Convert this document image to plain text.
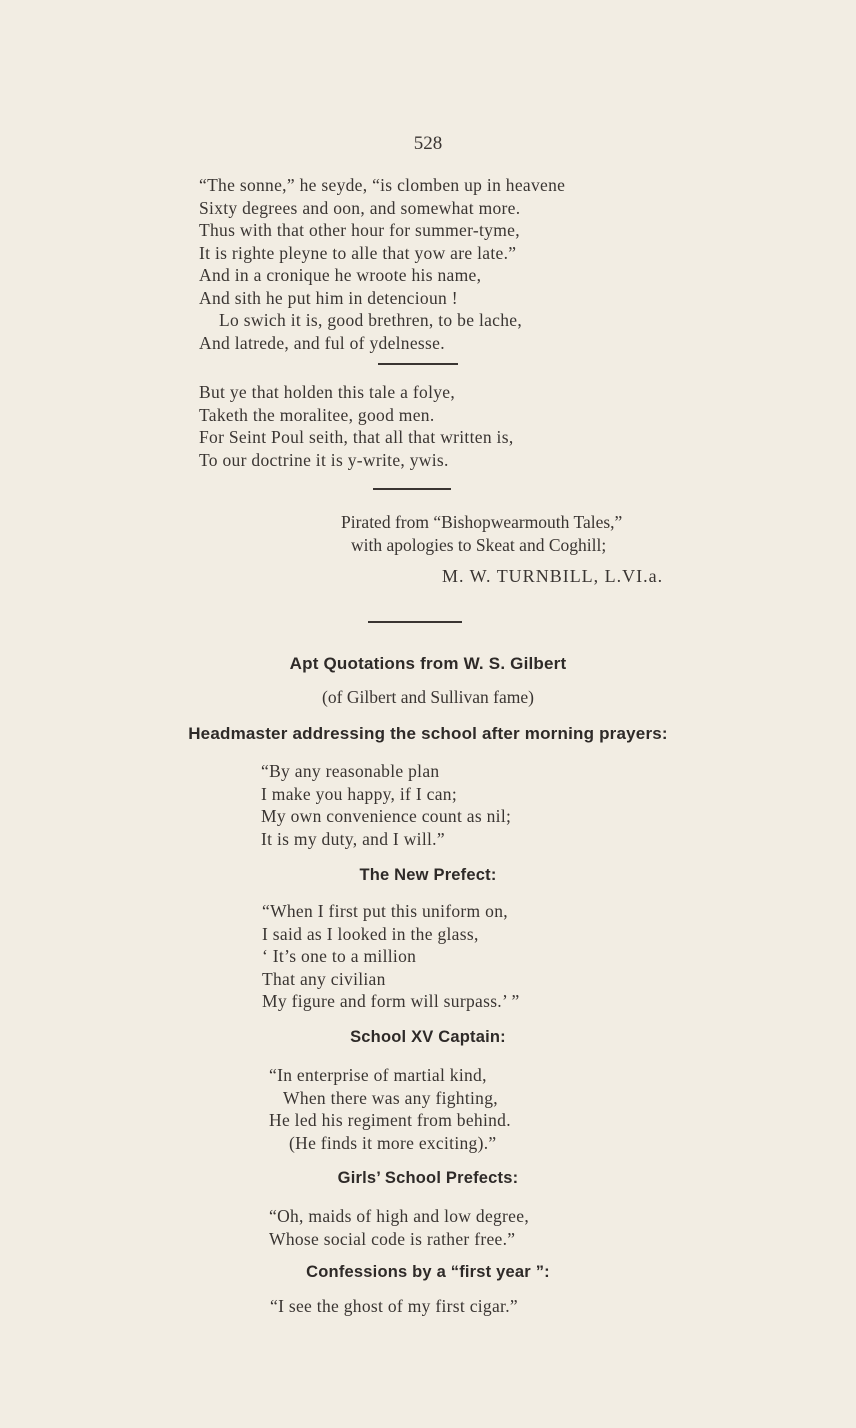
528
“The sonne,” he seyde, “is clomben up in heavene
Sixty degrees and oon, and somewhat more.
Thus with that other hour for summer-tyme,
It is righte pleyne to alle that yow are late.”
And in a cronique he wroote his name,
And sith he put him in detencioun !
Lo swich it is, good brethren, to be lache,
And latrede, and ful of ydelnesse.
But ye that holden this tale a folye,
Taketh the moralitee, good men.
For Seint Poul seith, that all that written is,
To our doctrine it is y-write, ywis.
Pirated from “Bishopwearmouth Tales,”
with apologies to Skeat and Coghill;
M. W. TURNBILL, L.VI.a.
Apt Quotations from W. S. Gilbert
(of Gilbert and Sullivan fame)
Headmaster addressing the school after morning prayers:
“By any reasonable plan
I make you happy, if I can;
My own convenience count as nil;
It is my duty, and I will.”
The New Prefect:
“When I first put this uniform on,
I said as I looked in the glass,
‘ It’s one to a million
That any civilian
My figure and form will surpass.’ ”
School XV Captain:
“In enterprise of martial kind,
When there was any fighting,
He led his regiment from behind.
(He finds it more exciting).”
Girls’ School Prefects:
“Oh, maids of high and low degree,
Whose social code is rather free.”
Confessions by a “first year ”:
“I see the ghost of my first cigar.”
